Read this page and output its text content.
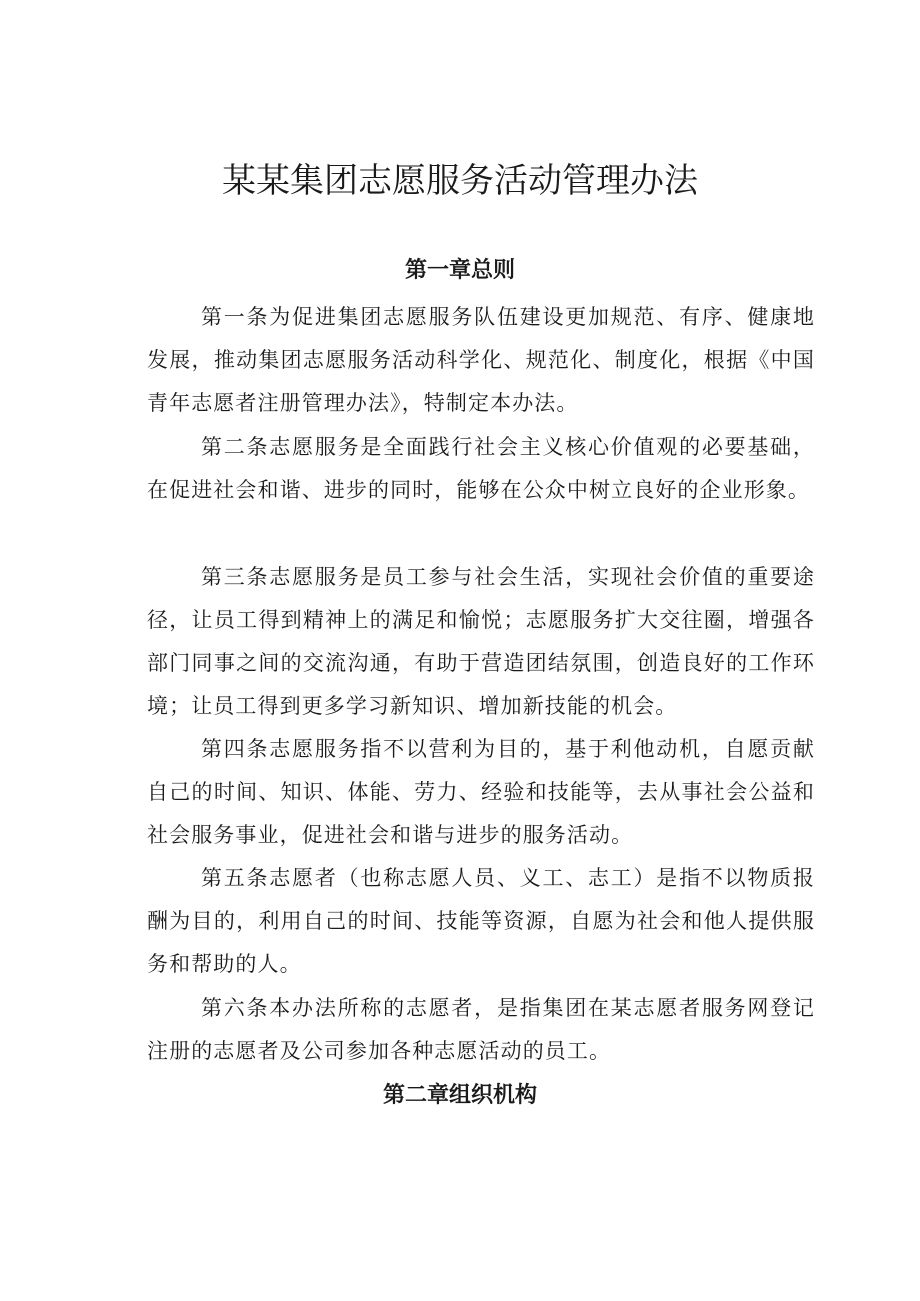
某某集团志愿服务活动管理办法
第一章总则

第一条为促进集团志愿服务队伍建设更加规范、有序、健康地发展，推动集团志愿服务活动科学化、规范化、制度化，根据《中国青年志愿者注册管理办法》，特制定本办法。

第二条志愿服务是全面践行社会主义核心价值观的必要基础，在促进社会和谐、进步的同时，能够在公众中树立良好的企业形象。

第三条志愿服务是员工参与社会生活，实现社会价值的重要途径，让员工得到精神上的满足和愉悦；志愿服务扩大交往圈，增强各部门同事之间的交流沟通，有助于营造团结氛围，创造良好的工作环境；让员工得到更多学习新知识、增加新技能的机会。

第四条志愿服务指不以营利为目的，基于利他动机，自愿贡献自己的时间、知识、体能、劳力、经验和技能等，去从事社会公益和社会服务事业，促进社会和谐与进步的服务活动。

第五条志愿者（也称志愿人员、义工、志工）是指不以物质报酬为目的，利用自己的时间、技能等资源，自愿为社会和他人提供服务和帮助的人。

第六条本办法所称的志愿者，是指集团在某志愿者服务网登记注册的志愿者及公司参加各种志愿活动的员工。

第二章组织机构
